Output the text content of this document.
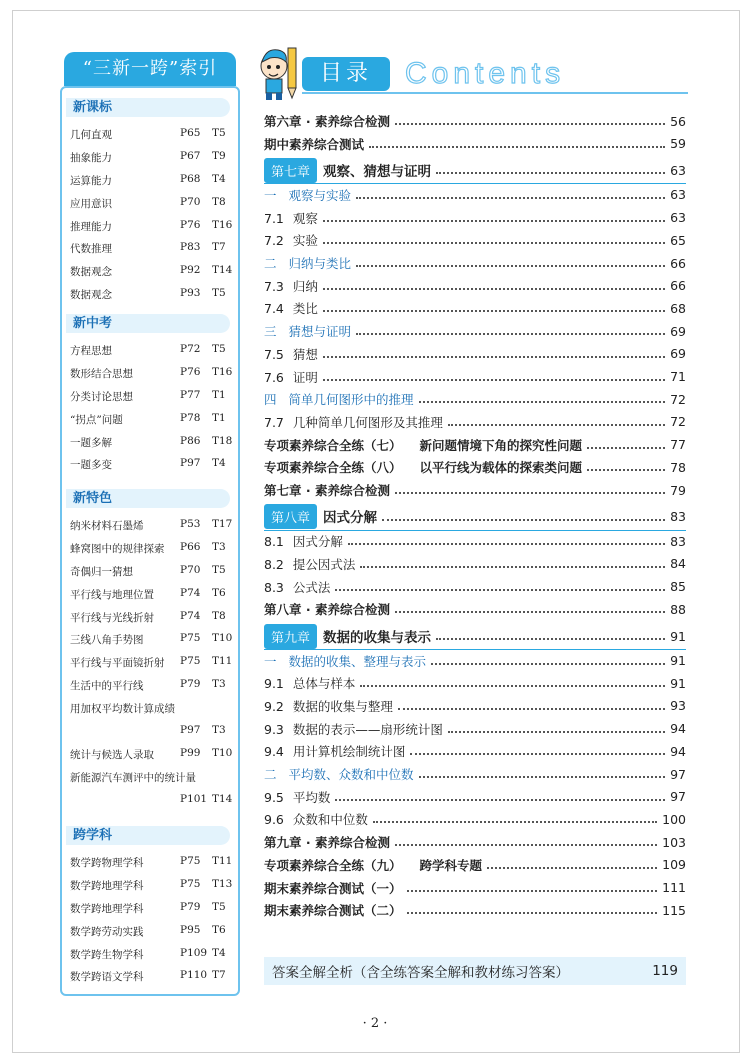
“三新一跨”索引
新课标
几何直观	P65 T5
抽象能力	P67 T9
运算能力	P68 T4
应用意识	P70 T8
推理能力	P76 T16
代数推理	P83 T7
数据观念	P92 T14
数据观念	P93 T5
新中考
方程思想	P72 T5
数形结合思想	P76 T16
分类讨论思想	P77 T1
“拐点”问题	P78 T1
一题多解	P86 T18
一题多变	P97 T4
新特色
纳米材料石墨烯	P53 T17
蜂窝图中的规律探索 P66 T3
奇偶归一猜想	P70 T5
平行线与地理位置 P74 T6
平行线与光线折射 P74 T8
三线八角手势图	P75 T10
平行线与平面镜折射 P75 T11
生活中的平行线	P79 T3
用加权平均数计算成绩
P97 T3
统计与候选人录取 P99 T10
新能源汽车测评中的统计量
P101 T14
跨学科
数学跨物理学科	P75 T11
数学跨地理学科	P75 T13
数学跨地理学科	P79 T5
数学跨劳动实践	P95 T6
数学跨生物学科	P109 T4
数学跨语文学科	P110 T7
目录	Contents
第六章 · 素养综合检测	56
期中素养综合测试	59
第七章 观察、猜想与证明	63
一 观察与实验	63
7.1 观察	63
7.2 实验	65
二 归纳与类比	66
7.3 归纳	66
7.4 类比	68
三 猜想与证明	69
7.5 猜想	69
7.6 证明	71
四 简单几何图形中的推理	72
7.7 几种简单几何图形及其推理	72
专项素养综合全练（七） 新问题情境下角的探究性问题	77
专项素养综合全练（八） 以平行线为载体的探索类问题	78
第七章 · 素养综合检测	79
第八章 因式分解	83
8.1 因式分解	83
8.2 提公因式法	84
8.3 公式法	85
第八章 · 素养综合检测	88
第九章 数据的收集与表示	91
一 数据的收集、整理与表示	91
9.1 总体与样本	91
9.2 数据的收集与整理	93
9.3 数据的表示——扇形统计图	94
9.4 用计算机绘制统计图	94
二 平均数、众数和中位数	97
9.5 平均数	97
9.6 众数和中位数	100
第九章 · 素养综合检测	103
专项素养综合全练（九） 跨学科专题	109
期末素养综合测试（一）	111
期末素养综合测试（二）	115
答案全解全析（含全练答案全解和教材练习答案）	119
· 2 ·
